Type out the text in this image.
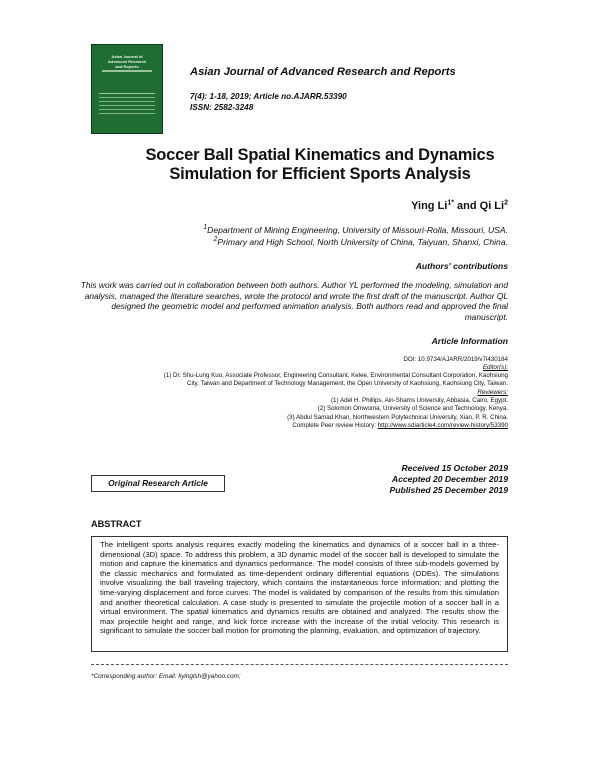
Asian Journal of
Advanced Research
and Reports	Asian Journal of Advanced Research and Reports
7(4): 1-18, 2019; Article no.AJARR.53390
ISSN: 2582-3248
Soccer Ball Spatial Kinematics and Dynamics
Simulation for Efficient Sports Analysis
Ying $Li^{1*}$ and Qi Li$^2$
$^1$Department of Mining Engineering, University of Missouri-Rolla, Missouri, USA.
$^2$Primary and High School, North University of China, Taiyuan, Shanxi, China.
Authors' contributions
This work was carried out in collaboration between both authors. Author YL performed the modeling, simulation and analysis, managed the literature searches, wrote the protocol and wrote the first draft of the manuscript. Author QL designed the geometric model and performed animation analysis. Both authors read and approved the final manuscript.
Article Information
DOI: 10.9734/AJARR/2019/v7i430184
Editor(s):
(1) Dr. Shu-Lung Kuo, Associate Professor, Engineering Consultant, Kelee, Environmental Consultant Corporation, Kaohsiung
City, Taiwan and Department of Technology Management, the Open University of Kaohsiung, Kaohsiung City, Taiwan.
Reviewers:
(1) Adel H. Phillips, Ain-Shams University, Abbasia, Cairo, Egypt.
(2) Solomon Omwoma, University of Science and Technology, Kenya.
(3) Abdul Samad Khan, Northwestern Polytechnical University, Xian, P. R. China.
Complete Peer review History: http://www.sdiarticle4.com/review-history/53390
Received 15 October 2019
Accepted 20 December 2019
Published 25 December 2019
Original Research Article
ABSTRACT
The intelligent sports analysis requires exactly modeling the kinematics and dynamics of a soccer ball in a three-dimensional (3D) space. To address this problem, a 3D dynamic model of the soccer ball is developed to simulate the motion and capture the kinematics and dynamics performance. The model consists of three sub-models governed by the classic mechanics and formulated as time-dependent ordinary differential equations (ODEs). The simulations involve visualizing the ball traveling trajectory, which contains the instantaneous force information; and plotting the time-varying displacement and force curves. The model is validated by comparison of the results from this simulation and another theoretical calculation. A case study is presented to simulate the projectile motion of a soccer ball in a virtual environment. The spatial kinematics and dynamics results are obtained and analyzed. The results show the max projectile height and range, and kick force increase with the increase of the initial velocity. This research is significant to simulate the soccer ball motion for promoting the planning, evaluation, and optimization of trajectory.
*Corresponding author: Email: liyinglsh@yahoo.com;
